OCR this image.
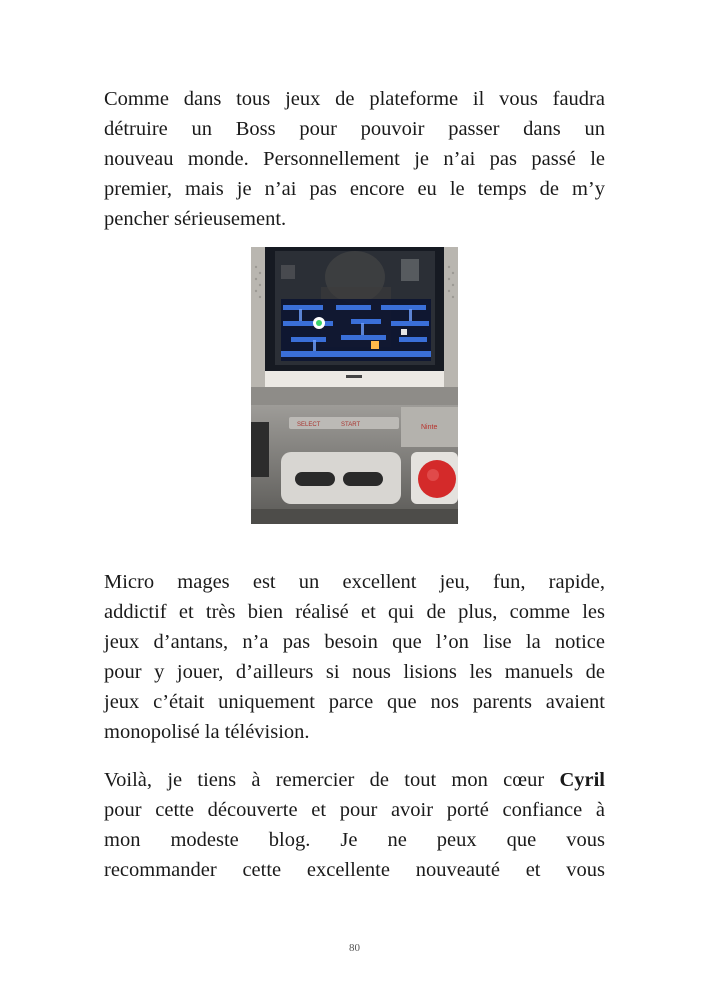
Comme dans tous jeux de plateforme il vous faudra
détruire un Boss pour pouvoir passer dans un
nouveau monde. Personnellement je n’ai pas passé le
premier, mais je n’ai pas encore eu le temps de m’y
pencher sérieusement.
Ninte
SELECT	START
Micro mages est un excellent jeu, fun, rapide,
addictif et très bien réalisé et qui de plus, comme les
jeux d’antans, n’a pas besoin que l’on lise la notice
pour y jouer, d’ailleurs si nous lisions les manuels de
jeux c’était uniquement parce que nos parents avaient
monopolisé la télévision.
Voilà, je tiens à remercier de tout mon cœur Cyril
pour cette découverte et pour avoir porté confiance à
mon modeste blog. Je ne peux que vous
recommander cette excellente nouveauté et vous
80
